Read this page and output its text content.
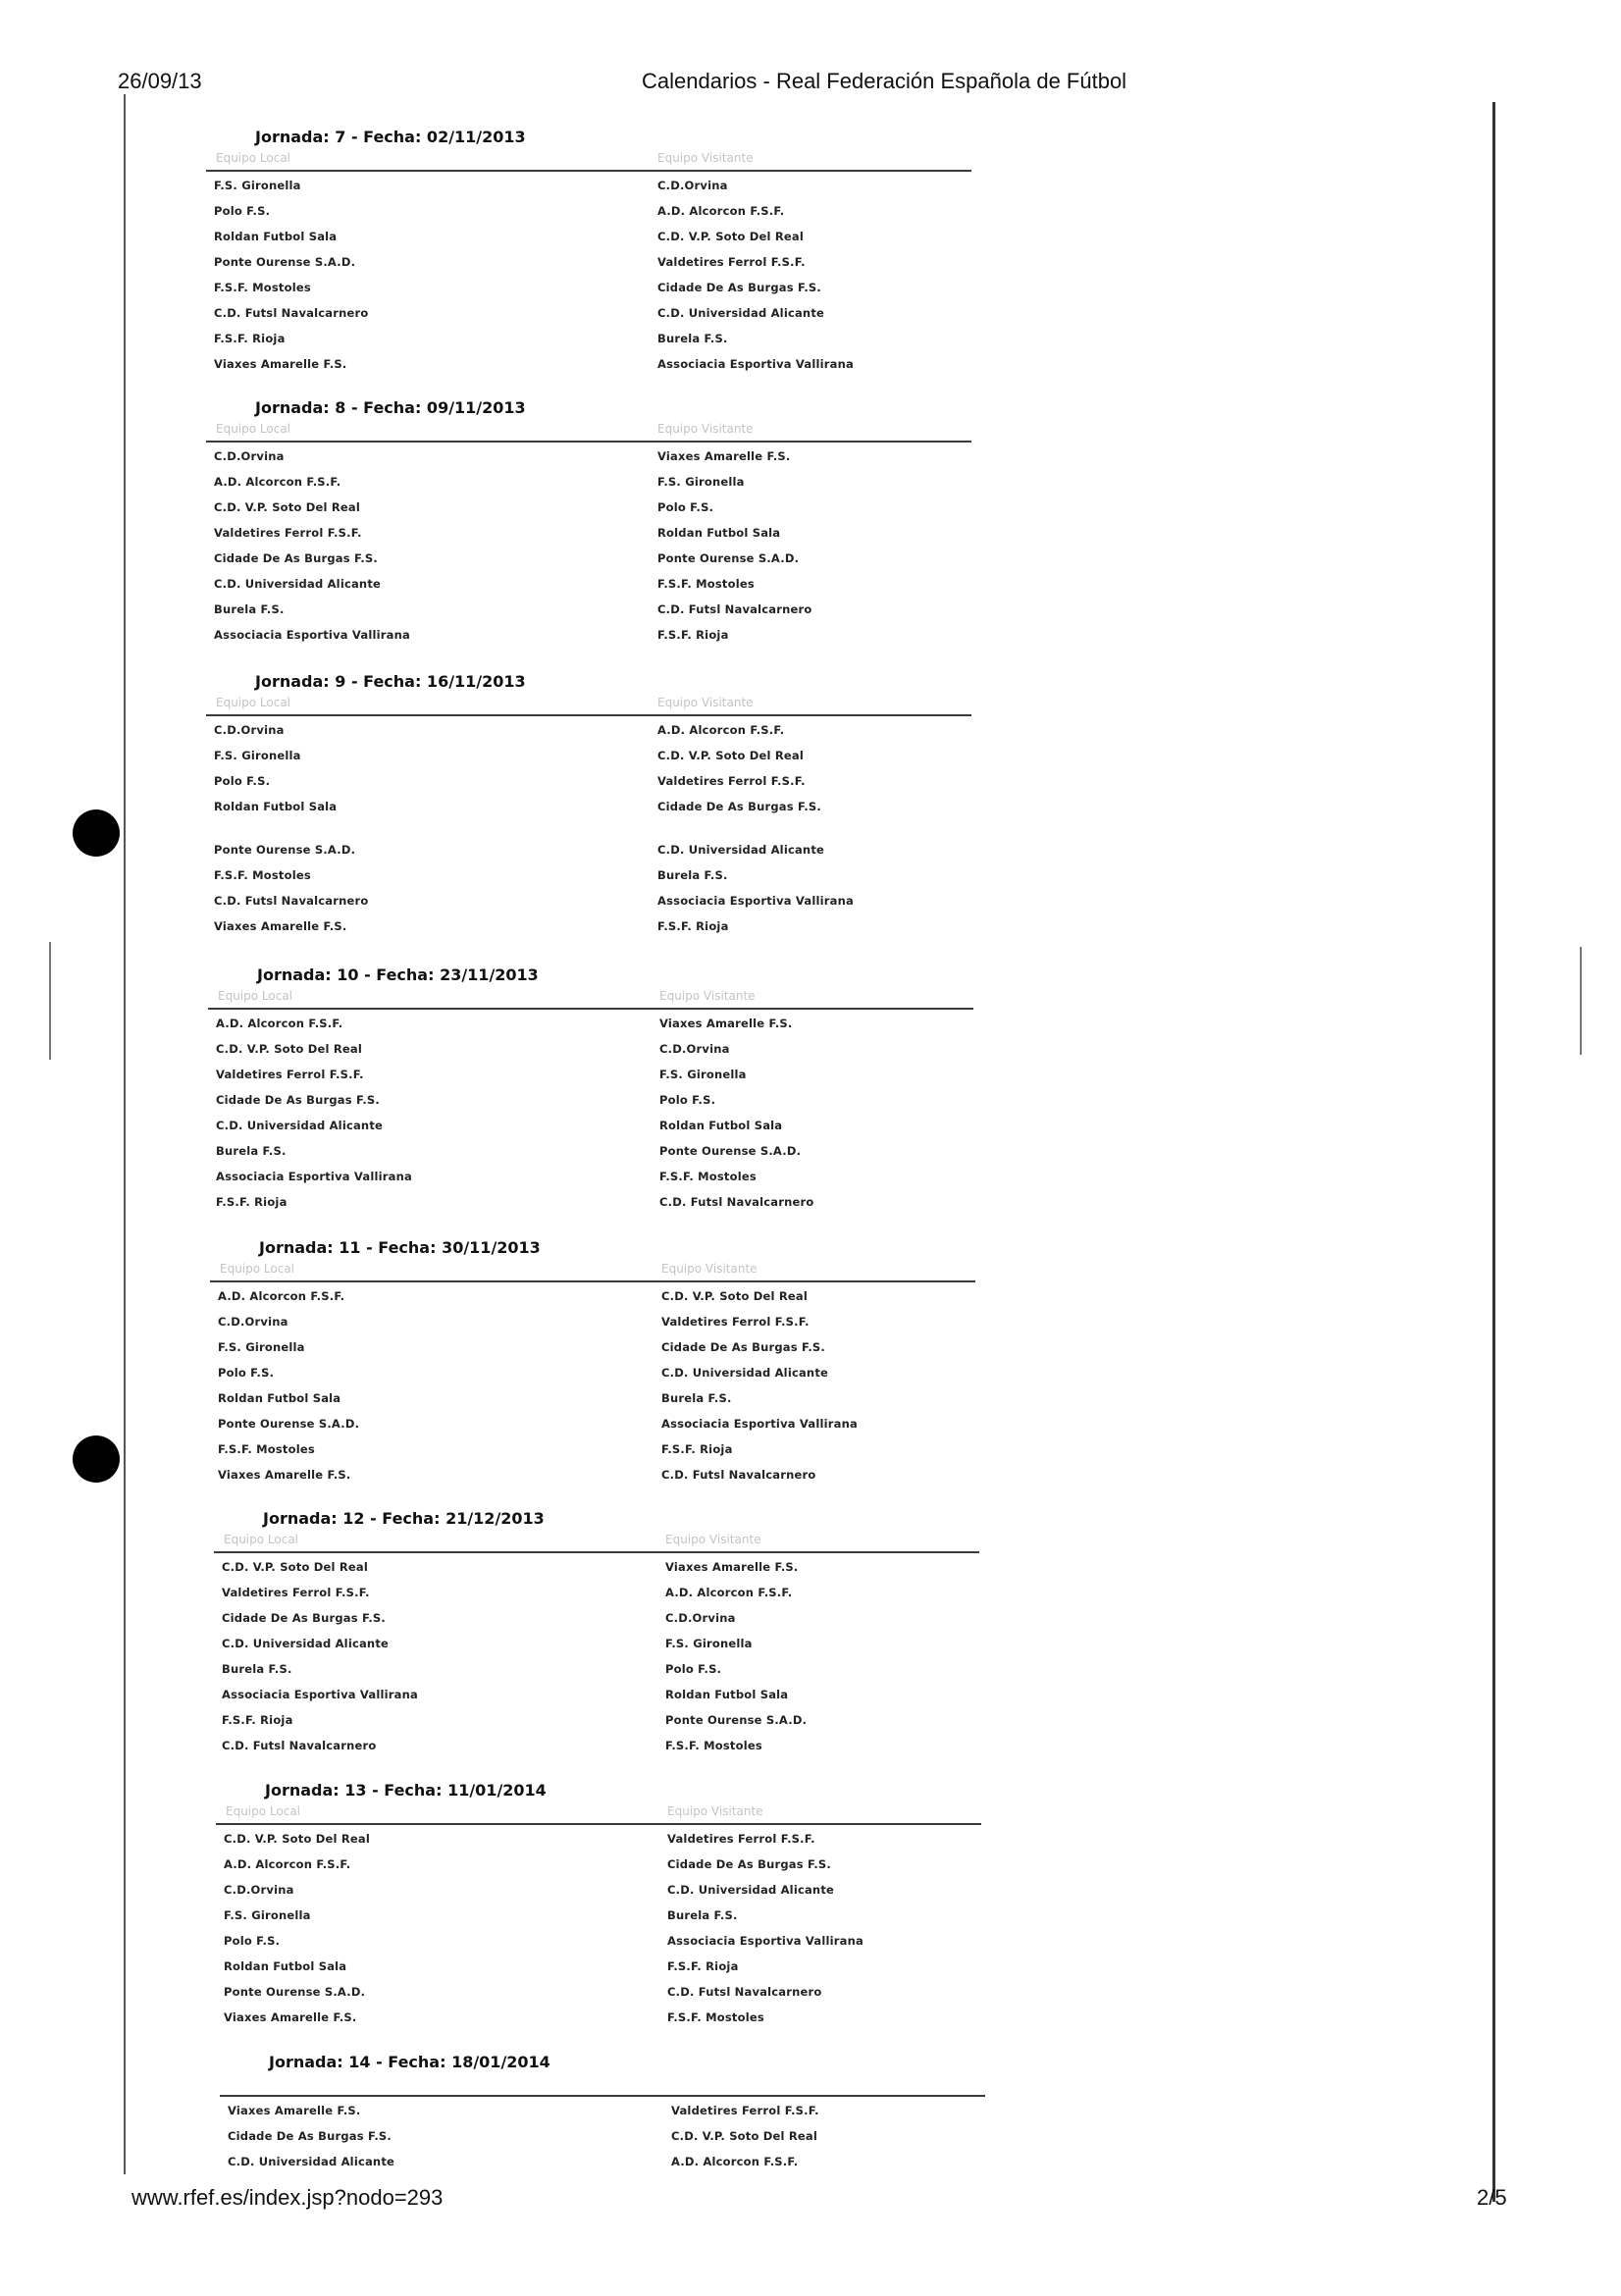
26/09/13	Calendarios - Real Federación Española de Fútbol
Jornada: 7 - Fecha: 02/11/2013
Equipo Local	Equipo Visitante
F.S. Gironella	C.D.Orvina
Polo F.S.	A.D. Alcorcon F.S.F.
Roldan Futbol Sala	C.D. V.P. Soto Del Real
Ponte Ourense S.A.D.	Valdetires Ferrol F.S.F.
F.S.F. Mostoles	Cidade De As Burgas F.S.
C.D. Futsl Navalcarnero	C.D. Universidad Alicante
F.S.F. Rioja	Burela F.S.
Viaxes Amarelle F.S.	Associacia Esportiva Vallirana
Jornada: 8 - Fecha: 09/11/2013
Equipo Local	Equipo Visitante
C.D.Orvina	Viaxes Amarelle F.S.
A.D. Alcorcon F.S.F.	F.S. Gironella
C.D. V.P. Soto Del Real	Polo F.S.
Valdetires Ferrol F.S.F.	Roldan Futbol Sala
Cidade De As Burgas F.S.	Ponte Ourense S.A.D.
C.D. Universidad Alicante	F.S.F. Mostoles
Burela F.S.	C.D. Futsl Navalcarnero
Associacia Esportiva Vallirana	F.S.F. Rioja
Jornada: 9 - Fecha: 16/11/2013
Equipo Local	Equipo Visitante
C.D.Orvina	A.D. Alcorcon F.S.F.
F.S. Gironella	C.D. V.P. Soto Del Real
Polo F.S.	Valdetires Ferrol F.S.F.
Roldan Futbol Sala	Cidade De As Burgas F.S.
Ponte Ourense S.A.D.	C.D. Universidad Alicante
F.S.F. Mostoles	Burela F.S.
C.D. Futsl Navalcarnero	Associacia Esportiva Vallirana
Viaxes Amarelle F.S.	F.S.F. Rioja
Jornada: 10 - Fecha: 23/11/2013
Equipo Local	Equipo Visitante
A.D. Alcorcon F.S.F.	Viaxes Amarelle F.S.
C.D. V.P. Soto Del Real	C.D.Orvina
Valdetires Ferrol F.S.F.	F.S. Gironella
Cidade De As Burgas F.S.	Polo F.S.
C.D. Universidad Alicante	Roldan Futbol Sala
Burela F.S.	Ponte Ourense S.A.D.
Associacia Esportiva Vallirana	F.S.F. Mostoles
F.S.F. Rioja	C.D. Futsl Navalcarnero
Jornada: 11 - Fecha: 30/11/2013
Equipo Local	Equipo Visitante
A.D. Alcorcon F.S.F.	C.D. V.P. Soto Del Real
C.D.Orvina	Valdetires Ferrol F.S.F.
F.S. Gironella	Cidade De As Burgas F.S.
Polo F.S.	C.D. Universidad Alicante
Roldan Futbol Sala	Burela F.S.
Ponte Ourense S.A.D.	Associacia Esportiva Vallirana
F.S.F. Mostoles	F.S.F. Rioja
Viaxes Amarelle F.S.	C.D. Futsl Navalcarnero
Jornada: 12 - Fecha: 21/12/2013
Equipo Local	Equipo Visitante
C.D. V.P. Soto Del Real	Viaxes Amarelle F.S.
Valdetires Ferrol F.S.F.	A.D. Alcorcon F.S.F.
Cidade De As Burgas F.S.	C.D.Orvina
C.D. Universidad Alicante	F.S. Gironella
Burela F.S.	Polo F.S.
Associacia Esportiva Vallirana	Roldan Futbol Sala
F.S.F. Rioja	Ponte Ourense S.A.D.
C.D. Futsl Navalcarnero	F.S.F. Mostoles
Jornada: 13 - Fecha: 11/01/2014
Equipo Local	Equipo Visitante
C.D. V.P. Soto Del Real	Valdetires Ferrol F.S.F.
A.D. Alcorcon F.S.F.	Cidade De As Burgas F.S.
C.D.Orvina	C.D. Universidad Alicante
F.S. Gironella	Burela F.S.
Polo F.S.	Associacia Esportiva Vallirana
Roldan Futbol Sala	F.S.F. Rioja
Ponte Ourense S.A.D.	C.D. Futsl Navalcarnero
Viaxes Amarelle F.S.	F.S.F. Mostoles
Jornada: 14 - Fecha: 18/01/2014
Viaxes Amarelle F.S.	Valdetires Ferrol F.S.F.
Cidade De As Burgas F.S.	C.D. V.P. Soto Del Real
C.D. Universidad Alicante	A.D. Alcorcon F.S.F.
www.rfef.es/index.jsp?nodo=293	2/5
